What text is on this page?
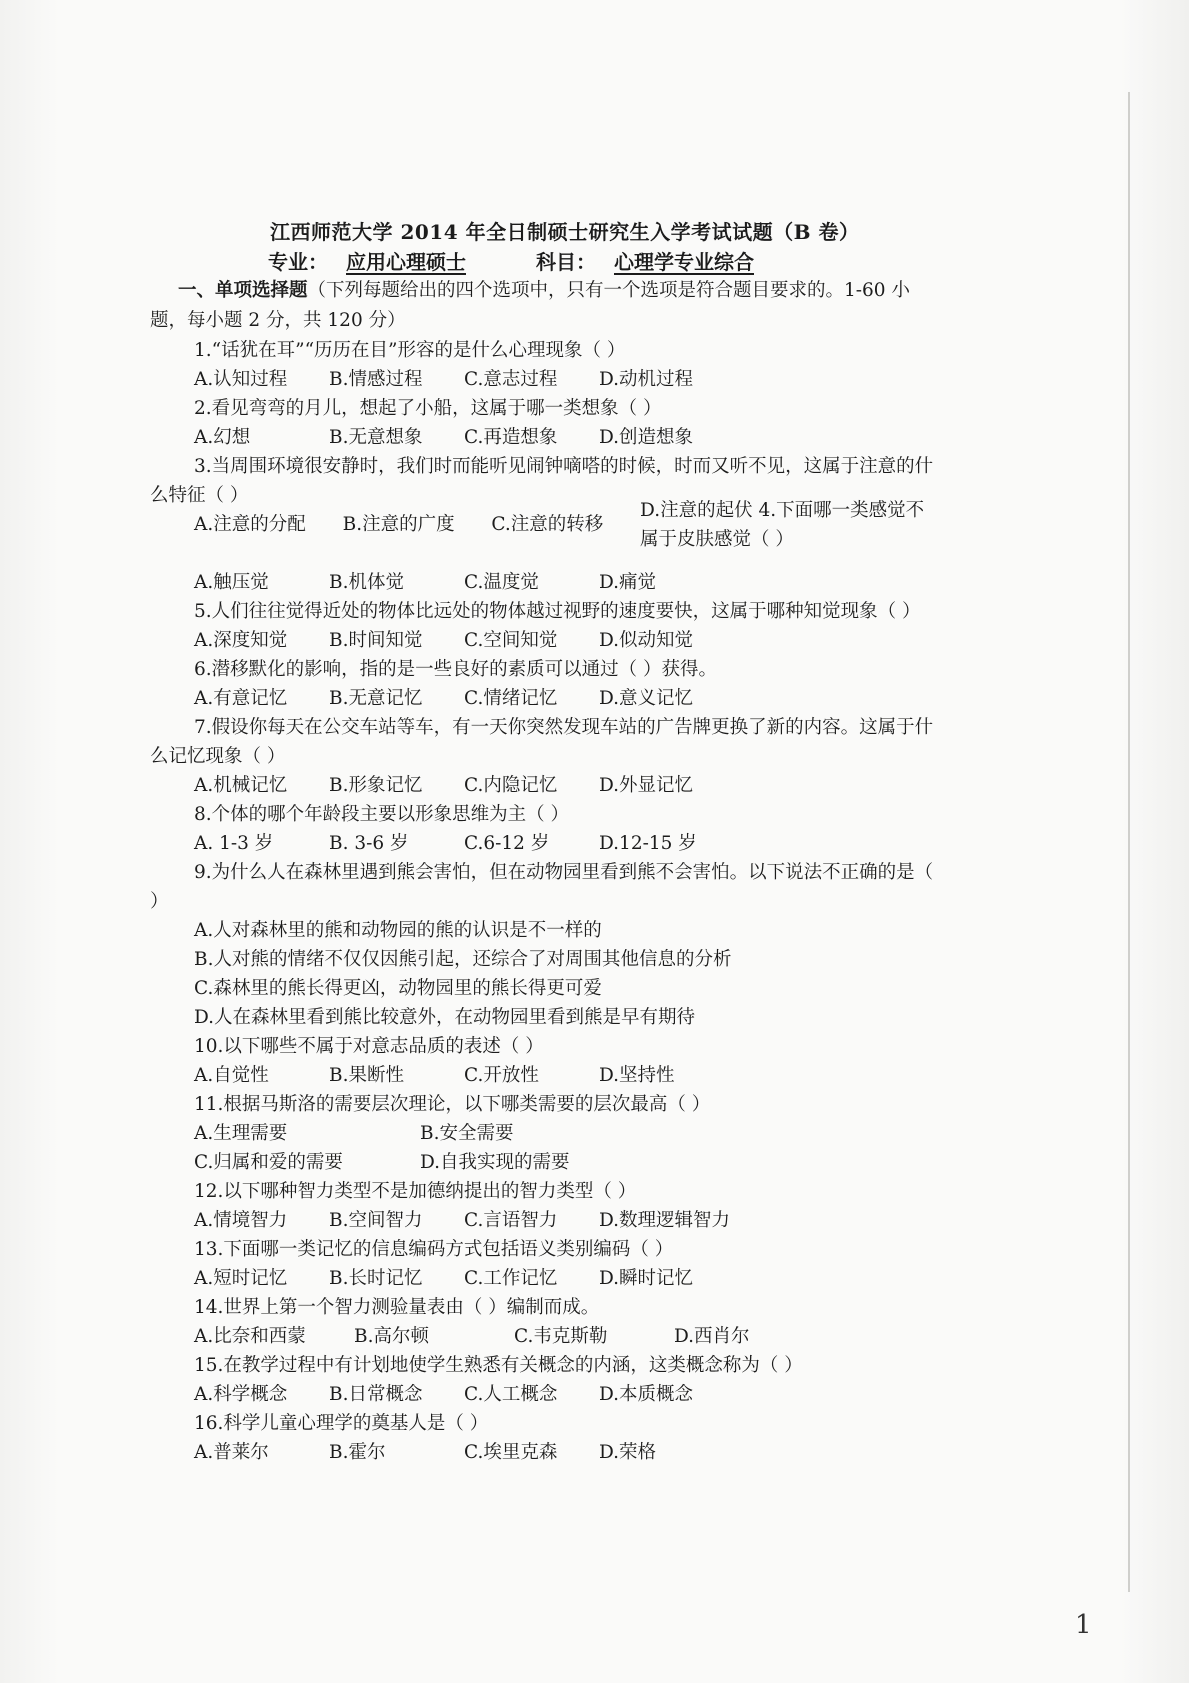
江西师范大学 2014 年全日制硕士研究生入学考试试题（B 卷）
专业： 应用心理硕士	科目： 心理学专业综合
一、单项选择题（下列每题给出的四个选项中，只有一个选项是符合题目要求的。1-60 小题，每小题 2 分，共 120 分）
1.“话犹在耳”“历历在目”形容的是什么心理现象（ ）
A.认知过程	B.情感过程	C.意志过程	D.动机过程
2.看见弯弯的月儿，想起了小船，这属于哪一类想象（ ）
A.幻想	B.无意想象	C.再造想象	D.创造想象
3.当周围环境很安静时，我们时而能听见闹钟嘀嗒的时候，时而又听不见，这属于注意的什么特征（ ）
A.注意的分配	B.注意的广度	C.注意的转移
D.注意的起伏 4.下面哪一类感觉不属于皮肤感觉（ ）
A.触压觉	B.机体觉	C.温度觉	D.痛觉
5.人们往往觉得近处的物体比远处的物体越过视野的速度要快，这属于哪种知觉现象（ ）
A.深度知觉	B.时间知觉	C.空间知觉	D.似动知觉
6.潜移默化的影响，指的是一些良好的素质可以通过（ ）获得。
A.有意记忆	B.无意记忆	C.情绪记忆	D.意义记忆
7.假设你每天在公交车站等车，有一天你突然发现车站的广告牌更换了新的内容。这属于什么记忆现象（ ）
A.机械记忆	B.形象记忆	C.内隐记忆	D.外显记忆
8.个体的哪个年龄段主要以形象思维为主（ ）
A. 1-3 岁	B. 3-6 岁	C.6-12 岁	D.12-15 岁
9.为什么人在森林里遇到熊会害怕，但在动物园里看到熊不会害怕。以下说法不正确的是（ ）
A.人对森林里的熊和动物园的熊的认识是不一样的
B.人对熊的情绪不仅仅因熊引起，还综合了对周围其他信息的分析
C.森林里的熊长得更凶，动物园里的熊长得更可爱
D.人在森林里看到熊比较意外，在动物园里看到熊是早有期待
10.以下哪些不属于对意志品质的表述（ ）
A.自觉性	B.果断性	C.开放性	D.坚持性
11.根据马斯洛的需要层次理论，以下哪类需要的层次最高（ ）
A.生理需要	B.安全需要
C.归属和爱的需要	D.自我实现的需要
12.以下哪种智力类型不是加德纳提出的智力类型（ ）
A.情境智力	B.空间智力	C.言语智力	D.数理逻辑智力
13.下面哪一类记忆的信息编码方式包括语义类别编码（ ）
A.短时记忆	B.长时记忆	C.工作记忆	D.瞬时记忆
14.世界上第一个智力测验量表由（ ）编制而成。
A.比奈和西蒙	B.高尔顿	C.韦克斯勒	D.西肖尔
15.在教学过程中有计划地使学生熟悉有关概念的内涵，这类概念称为（ ）
A.科学概念	B.日常概念	C.人工概念	D.本质概念
16.科学儿童心理学的奠基人是（ ）
A.普莱尔	B.霍尔	C.埃里克森	D.荣格
1
